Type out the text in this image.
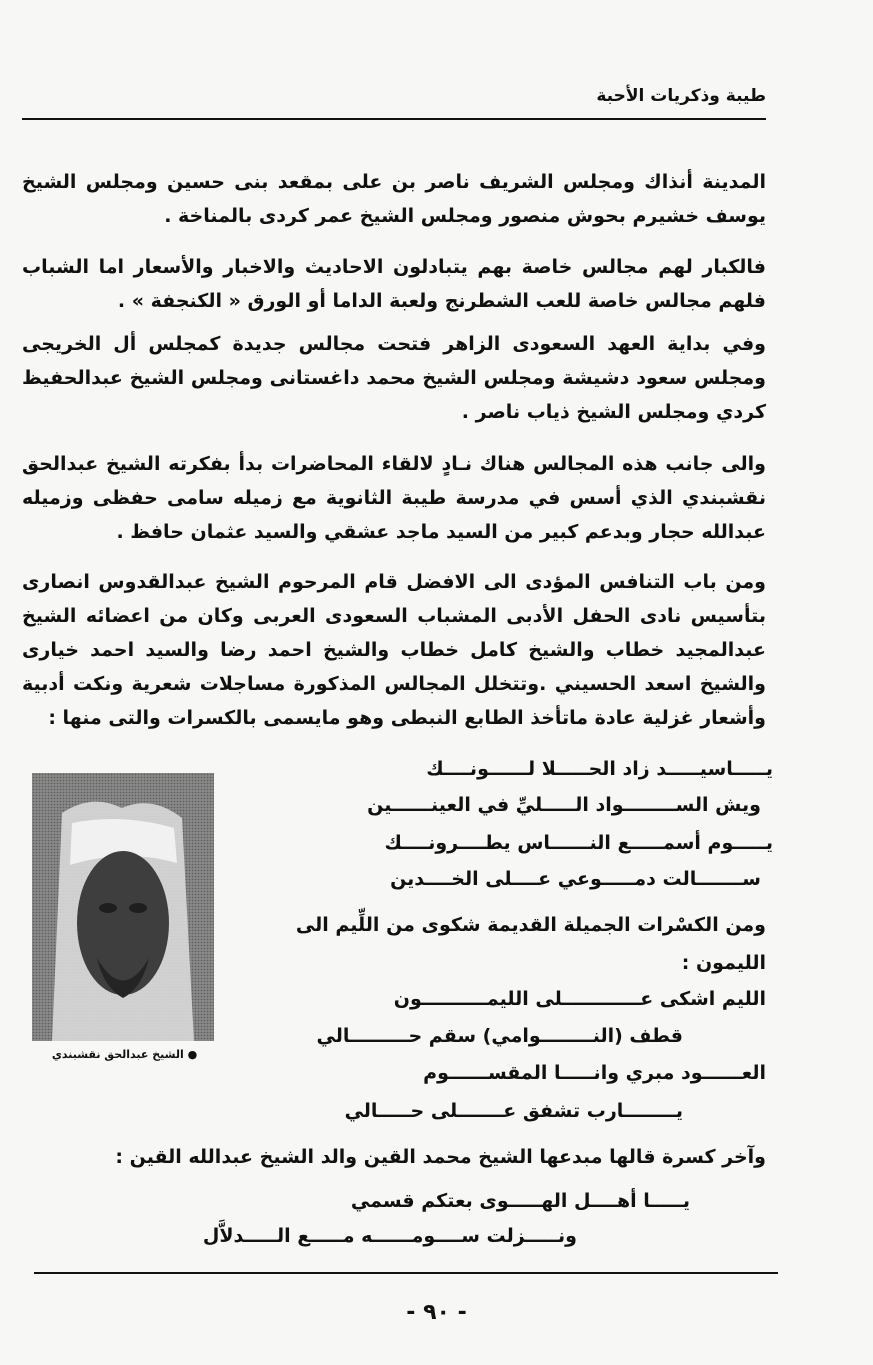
طيبة وذكريات الأحبة
المدينة أنذاك ومجلس الشريف ناصر بن على بمقعد بنى حسين ومجلس الشيخ يوسف خشيرم بحوش منصور ومجلس الشيخ عمر كردى بالمناخة .
فالكبار لهم مجالس خاصة بهم يتبادلون الاحاديث والاخبار والأسعار اما الشباب فلهم مجالس خاصة للعب الشطرنج ولعبة الداما أو الورق « الكنجفة » .
وفي بداية العهد السعودى الزاهر فتحت مجالس جديدة كمجلس أل الخريجى ومجلس سعود دشيشة ومجلس الشيخ محمد داغستانى ومجلس الشيخ عبدالحفيظ كردي ومجلس الشيخ ذياب ناصر .
والى جانب هذه المجالس هناك نـادٍ لالقاء المحاضرات بدأ بفكرته الشيخ عبدالحق نقشبندي الذي أسس في مدرسة طيبة الثانوية مع زميله سامى حفظى وزميله عبدالله حجار وبدعم كبير من السيد ماجد عشقي والسيد عثمان حافظ .
ومن باب التنافس المؤدى الى الافضل قام المرحوم الشيخ عبدالقدوس انصارى بتأسيس نادى الحفل الأدبى المشباب السعودى العربى وكان من اعضائه الشيخ عبدالمجيد خطاب والشيخ كامل خطاب والشيخ احمد رضا والسيد احمد خيارى والشيخ اسعد الحسيني .وتتخلل المجالس المذكورة مساجلات شعرية ونكت أدبية وأشعار غزلية عادة ماتأخذ الطابع النبطى وهو مايسمى بالكسرات والتى منها :
يـــــاسيـــــد زاد الحـــــلا لــــــونــــك
ويش الســــــــواد الـــــليِّ في العينــــــين
يـــــوم أسمـــــع النــــــاس يطــــرونــــك
ســـــــالت دمـــــوعي عــــلى الخــــدين
ومن الكسْرات الجميلة القديمة شكوى من اللِّيم الى
الليمون :
الليم اشكى عــــــــــــلى الليمــــــــــون
قطف (النــــــــوامي) سقم حـــــــــالي
العــــــود مبري وانـــــا المقســــــوم
يــــــــارب تشفق عـــــــلى حـــــالي
وآخر كسرة قالها مبدعها الشيخ محمد القين والد الشيخ عبدالله القين :
يـــــا أهــــل الهـــــوى بعتكم قسمي
ونـــــزلت ســــومــــــه مـــــع الـــــدلاَّل
● الشيخ عبدالحق نقشبندي
- ٩٠ -
